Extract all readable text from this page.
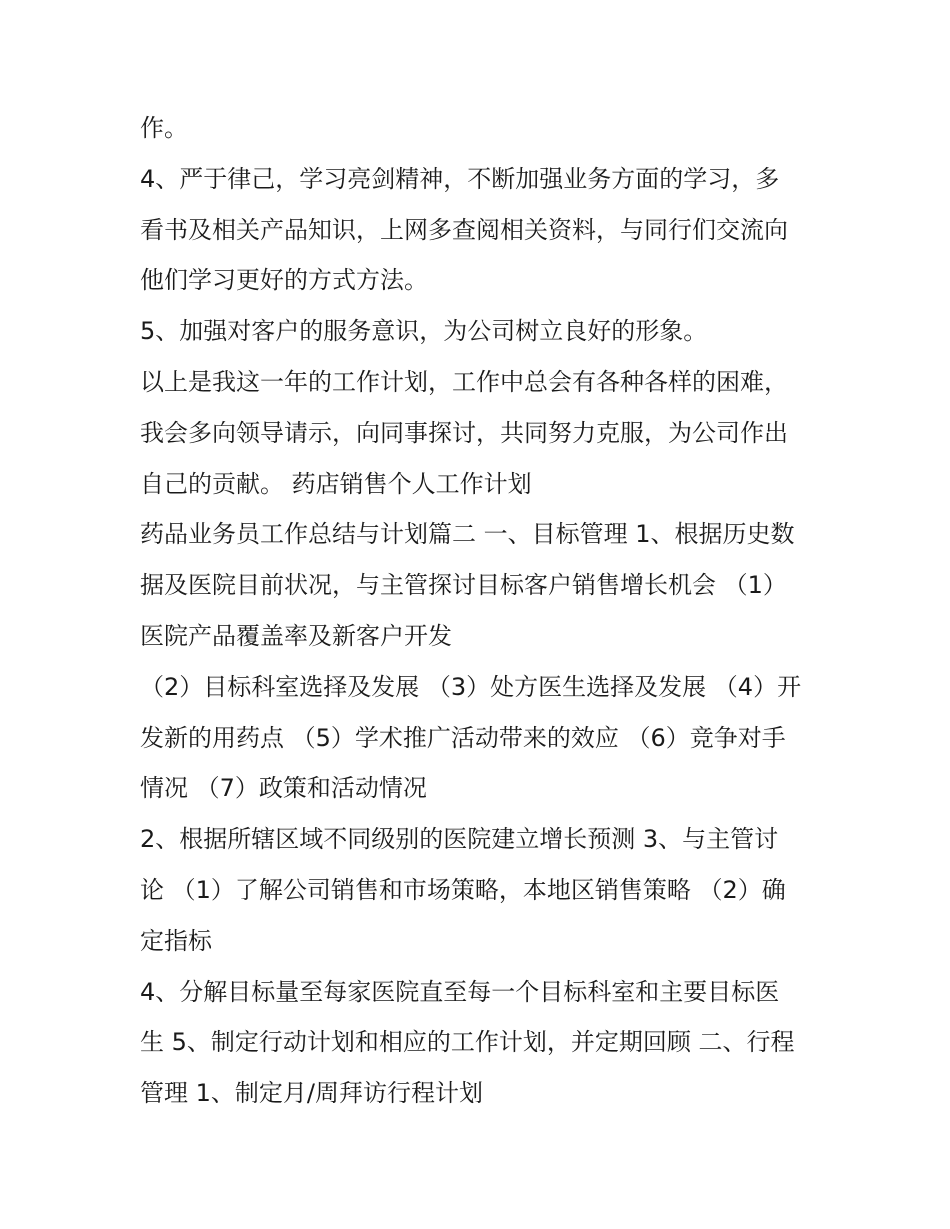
作。
4、严于律己，学习亮剑精神，不断加强业务方面的学习，多
看书及相关产品知识，上网多查阅相关资料，与同行们交流向
他们学习更好的方式方法。
5、加强对客户的服务意识，为公司树立良好的形象。
以上是我这一年的工作计划，工作中总会有各种各样的困难，
我会多向领导请示，向同事探讨，共同努力克服，为公司作出
自己的贡献。 药店销售个人工作计划
药品业务员工作总结与计划篇二 一、目标管理 1、根据历史数
据及医院目前状况，与主管探讨目标客户销售增长机会 （1）
医院产品覆盖率及新客户开发
（2）目标科室选择及发展 （3）处方医生选择及发展 （4）开
发新的用药点 （5）学术推广活动带来的效应 （6）竞争对手
情况 （7）政策和活动情况
2、根据所辖区域不同级别的医院建立增长预测 3、与主管讨
论 （1）了解公司销售和市场策略，本地区销售策略 （2）确
定指标
4、分解目标量至每家医院直至每一个目标科室和主要目标医
生 5、制定行动计划和相应的工作计划，并定期回顾 二、行程
管理 1、制定月/周拜访行程计划
